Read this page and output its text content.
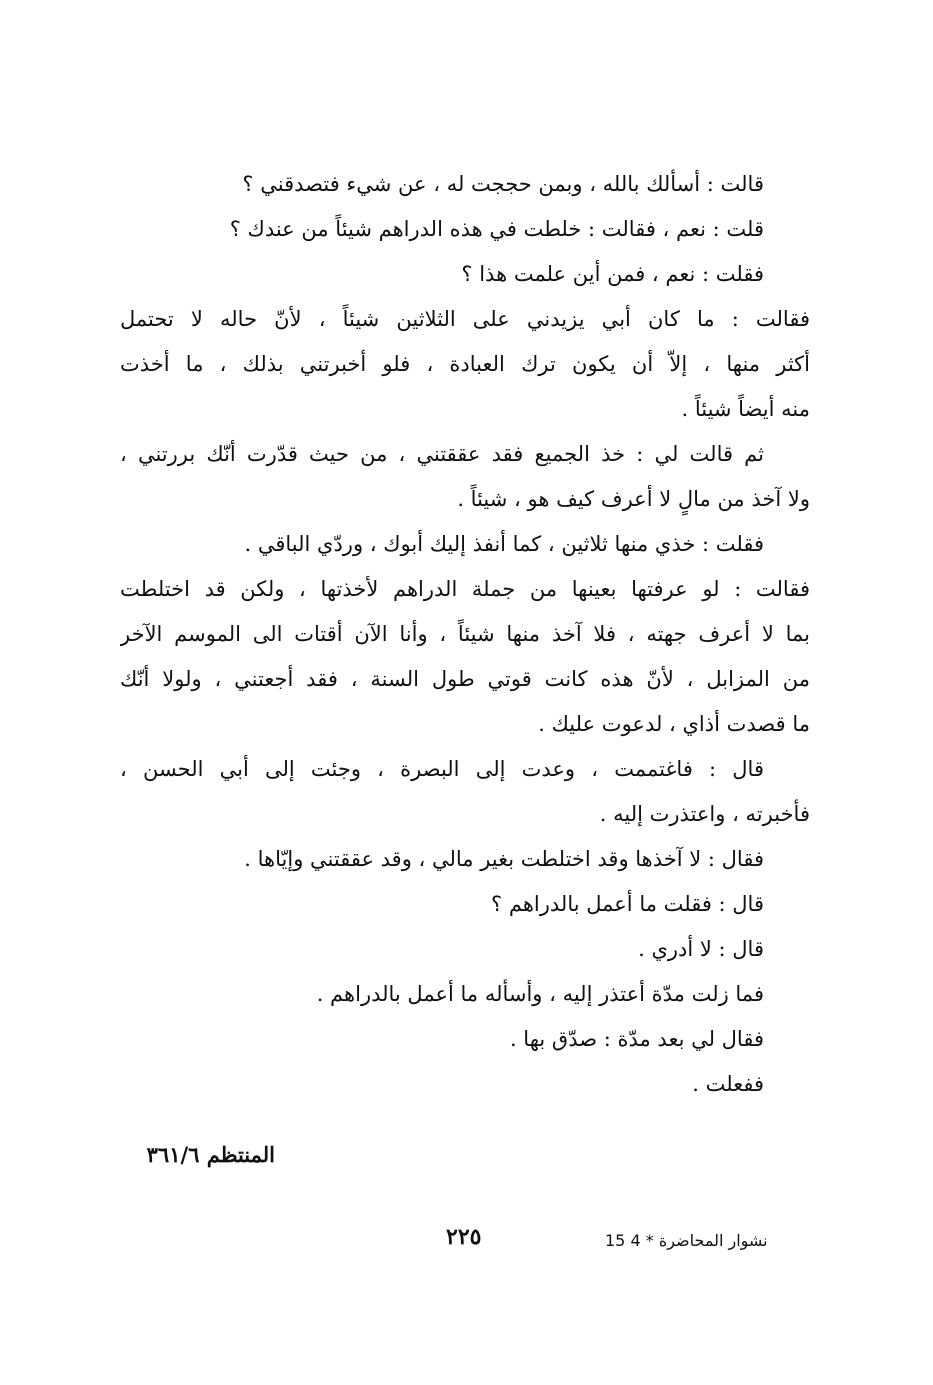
قالت : أسألك بالله ، وبمن حججت له ، عن شيء فتصدقني ؟
قلت : نعم ، فقالت : خلطت في هذه الدراهم شيئاً من عندك ؟
فقلت : نعم ، فمن أين علمت هذا ؟
فقالت : ما كان أبي يزيدني على الثلاثين شيئاً ، لأنّ حاله لا تحتمل
أكثر منها ، إلاّ أن يكون ترك العبادة ، فلو أخبرتني بذلك ، ما أخذت
منه أيضاً شيئاً .
ثم قالت لي : خذ الجميع فقد عققتني ، من حيث قدّرت أنّك بررتني ،
ولا آخذ من مالٍ لا أعرف كيف هو ، شيئاً .
فقلت : خذي منها ثلاثين ، كما أنفذ إليك أبوك ، وردّي الباقي .
فقالت : لو عرفتها بعينها من جملة الدراهم لأخذتها ، ولكن قد اختلطت
بما لا أعرف جهته ، فلا آخذ منها شيئاً ، وأنا الآن أقتات الى الموسم الآخر
من المزابل ، لأنّ هذه كانت قوتي طول السنة ، فقد أجعتني ، ولولا أنّك
ما قصدت أذاي ، لدعوت عليك .
قال : فاغتممت ، وعدت إلى البصرة ، وجئت إلى أبي الحسن ،
فأخبرته ، واعتذرت إليه .
فقال : لا آخذها وقد اختلطت بغير مالي ، وقد عققتني وإيّاها .
قال : فقلت ما أعمل بالدراهم ؟
قال : لا أدري .
فما زلت مدّة أعتذر إليه ، وأسأله ما أعمل بالدراهم .
فقال لي بعد مدّة : صدّق بها .
ففعلت .
المنتظم ٣٦١/٦
٢٢٥	15 نشوار المحاضرة * 4
